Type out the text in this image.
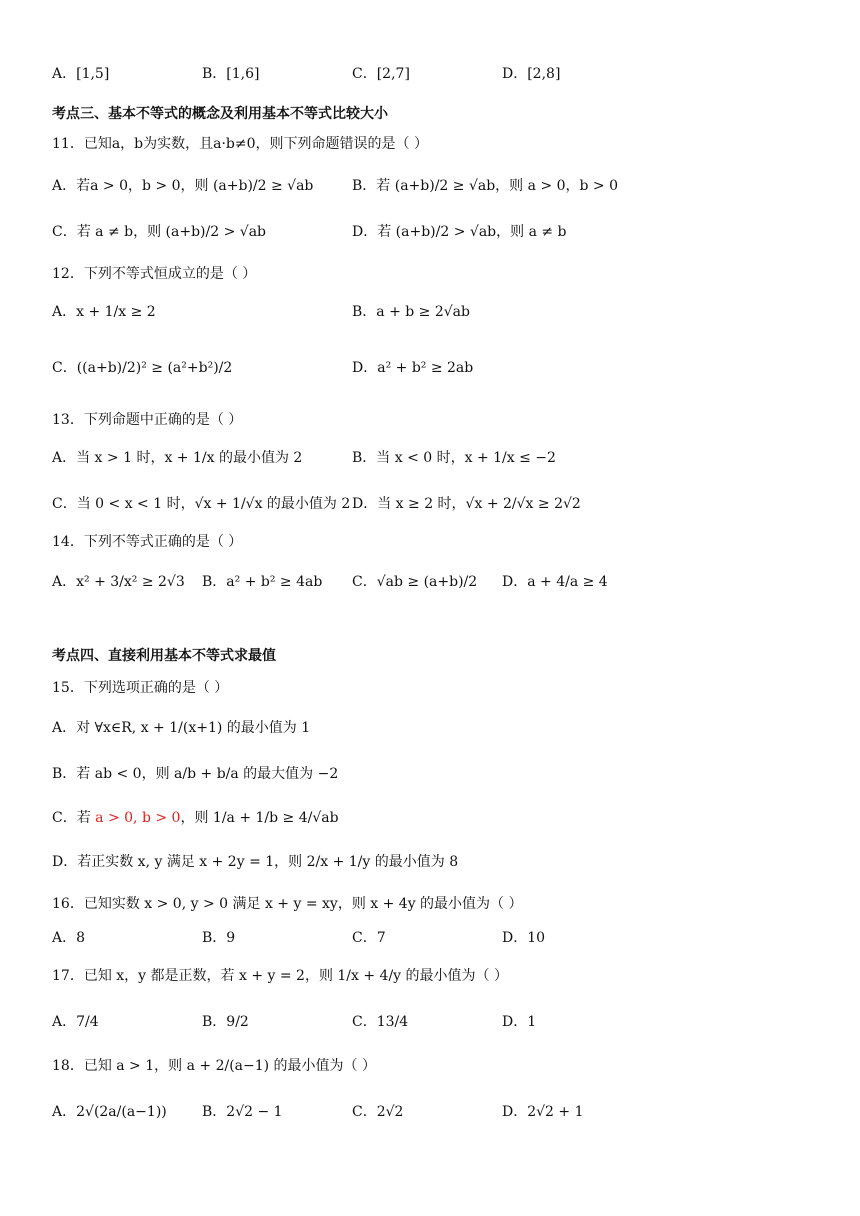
A．[1,5]	B．[1,6]	C．[2,7]	D．[2,8]
考点三、基本不等式的概念及利用基本不等式比较大小
11．已知a，b为实数，且a·b≠0，则下列命题错误的是（ ）
A．若a > 0，b > 0，则 (a+b)/2 ≥ √ab	B．若 (a+b)/2 ≥ √ab，则 a > 0，b > 0
C．若 a ≠ b，则 (a+b)/2 > √ab	D．若 (a+b)/2 > √ab，则 a ≠ b
12．下列不等式恒成立的是（ ）
A．x + 1/x ≥ 2	B．a + b ≥ 2√ab
C．((a+b)/2)² ≥ (a²+b²)/2	D．a² + b² ≥ 2ab
13．下列命题中正确的是（ ）
A．当 x > 1 时，x + 1/x 的最小值为 2	B．当 x < 0 时，x + 1/x ≤ −2
C．当 0 < x < 1 时，√x + 1/√x 的最小值为 2 D．当 x ≥ 2 时，√x + 2/√x ≥ 2√2
14．下列不等式正确的是（ ）
A．x² + 3/x² ≥ 2√3 B．a² + b² ≥ 4ab C．√ab ≥ (a+b)/2 D．a + 4/a ≥ 4
考点四、直接利用基本不等式求最值
15．下列选项正确的是（ ）
A．对 ∀x∈R, x + 1/(x+1) 的最小值为 1
B．若 ab < 0，则 a/b + b/a 的最大值为 −2
C．若 a > 0, b > 0，则 1/a + 1/b ≥ 4/√ab
D．若正实数 x, y 满足 x + 2y = 1，则 2/x + 1/y 的最小值为 8
16．已知实数 x > 0, y > 0 满足 x + y = xy，则 x + 4y 的最小值为（ ）
A．8	B．9	C．7	D．10
17．已知 x，y 都是正数，若 x + y = 2，则 1/x + 4/y 的最小值为（ ）
A．7/4	B．9/2	C．13/4	D．1
18．已知 a > 1，则 a + 2/(a−1) 的最小值为（ ）
A．2√(2a/(a−1))	B．2√2 − 1	C．2√2	D．2√2 + 1
